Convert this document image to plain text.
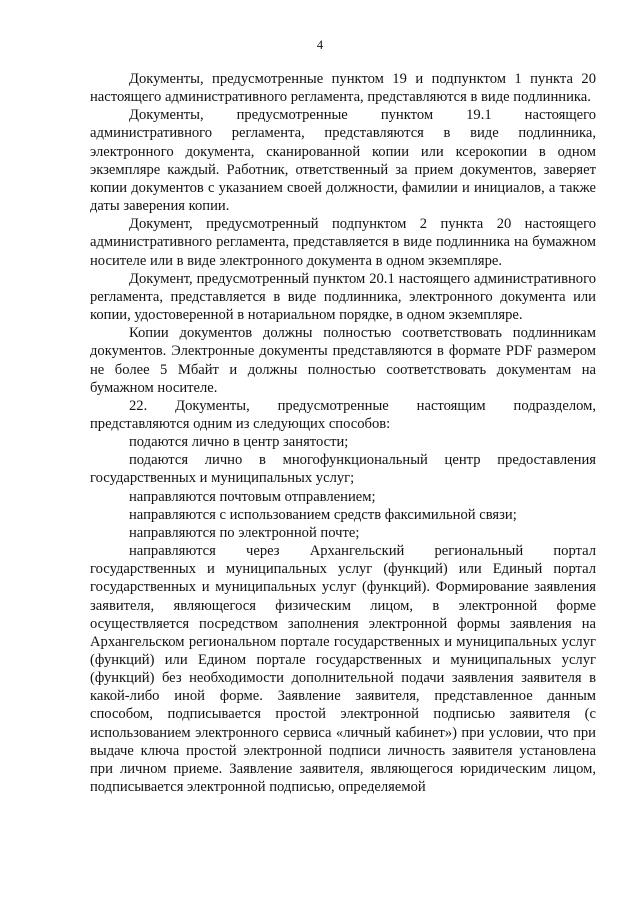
4

Документы, предусмотренные пунктом 19 и подпунктом 1 пункта 20 настоящего административного регламента, представляются в виде подлинника.

Документы, предусмотренные пунктом 19.1 настоящего административного регламента, представляются в виде подлинника, электронного документа, сканированной копии или ксерокопии в одном экземпляре каждый. Работник, ответственный за прием документов, заверяет копии документов с указанием своей должности, фамилии и инициалов, а также даты заверения копии.

Документ, предусмотренный подпунктом 2 пункта 20 настоящего административного регламента, представляется в виде подлинника на бумажном носителе или в виде электронного документа в одном экземпляре.

Документ, предусмотренный пунктом 20.1 настоящего административного регламента, представляется в виде подлинника, электронного документа или копии, удостоверенной в нотариальном порядке, в одном экземпляре.

Копии документов должны полностью соответствовать подлинникам документов. Электронные документы представляются в формате PDF размером не более 5 Мбайт и должны полностью соответствовать документам на бумажном носителе.

22. Документы, предусмотренные настоящим подразделом, представляются одним из следующих способов:

подаются лично в центр занятости;

подаются лично в многофункциональный центр предоставления государственных и муниципальных услуг;

направляются почтовым отправлением;

направляются с использованием средств факсимильной связи;

направляются по электронной почте;

направляются через Архангельский региональный портал государственных и муниципальных услуг (функций) или Единый портал государственных и муниципальных услуг (функций). Формирование заявления заявителя, являющегося физическим лицом, в электронной форме осуществляется посредством заполнения электронной формы заявления на Архангельском региональном портале государственных и муниципальных услуг (функций) или Едином портале государственных и муниципальных услуг (функций) без необходимости дополнительной подачи заявления заявителя в какой-либо иной форме. Заявление заявителя, представленное данным способом, подписывается простой электронной подписью заявителя (с использованием электронного сервиса «личный кабинет») при условии, что при выдаче ключа простой электронной подписи личность заявителя установлена при личном приеме. Заявление заявителя, являющегося юридическим лицом, подписывается электронной подписью, определяемой
